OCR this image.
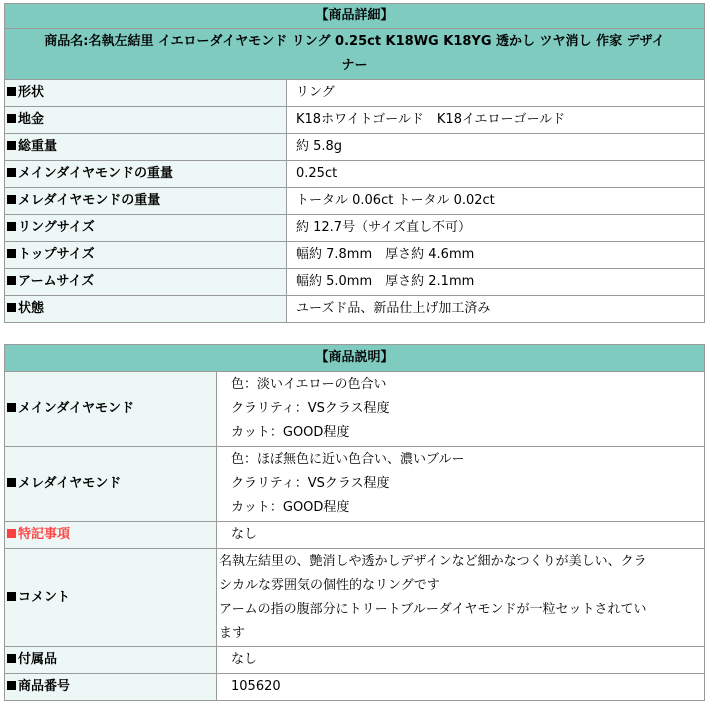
【商品詳細】	

商品名:名執左結里 イエローダイヤモンド リング 0.25ct K18WG K18YG 透かし ツヤ消し 作家 デザイ
ナー	

形状	リング
地金	K18ホワイトゴールド　K18イエローゴールド
総重量	約 5.8g
メインダイヤモンドの重量	0.25ct
メレダイヤモンドの重量	トータル 0.06ct トータル 0.02ct
リングサイズ	約 12.7号（サイズ直し不可）
トップサイズ	幅約 7.8mm　厚さ約 4.6mm
アームサイズ	幅約 5.0mm　厚さ約 2.1mm
状態	ユーズド品、新品仕上げ加工済み
【商品説明】	
メインダイヤモンド	色：淡いイエローの色合い
クラリティ：VSクラス程度
カット：GOOD程度

メレダイヤモンド	色：ほぼ無色に近い色合い、濃いブルー
クラリティ：VSクラス程度
カット：GOOD程度

特記事項	なし
コメント	名執左結里の、艶消しや透かしデザインなど細かなつくりが美しい、クラ
シカルな雰囲気の個性的なリングです
アームの指の腹部分にトリートブルーダイヤモンドが一粒セットされてい
ます

付属品	なし
商品番号	105620
